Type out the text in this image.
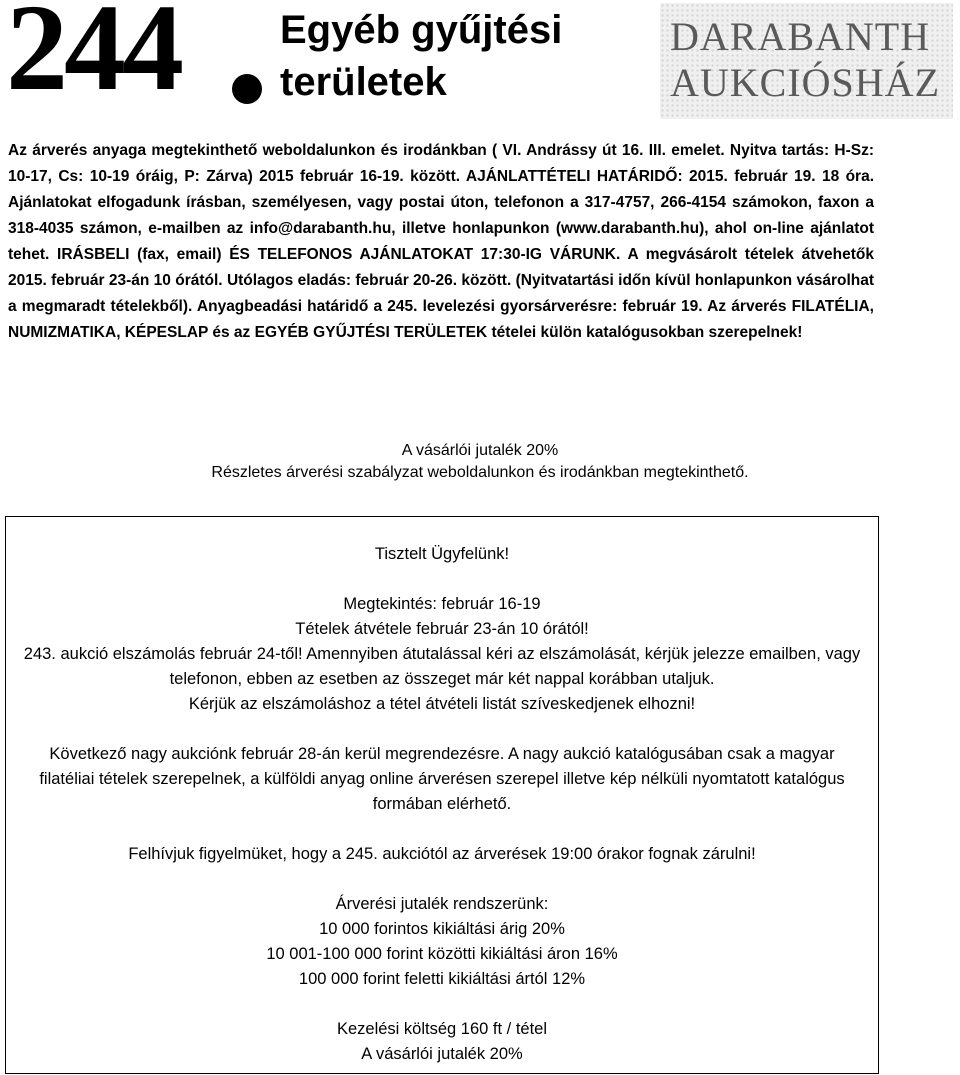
244	Egyéb gyűjtési
területek
DARABANTH
AUKCIÓSHÁZ

Az árverés anyaga megtekinthető weboldalunkon és irodánkban ( VI. Andrássy út 16. III. emelet. Nyitva tartás: H-Sz: 10-17, Cs: 10-19 óráig, P: Zárva) 2015 február 16-19. között. AJÁNLATTÉTELI HATÁRIDŐ: 2015. február 19. 18 óra. Ajánlatokat elfogadunk írásban, személyesen, vagy postai úton, telefonon a 317-4757, 266-4154 számokon, faxon a 318-4035 számon, e-mailben az info@darabanth.hu, illetve honlapunkon (www.darabanth.hu), ahol on-line ajánlatot tehet. IRÁSBELI (fax, email) ÉS TELEFONOS AJÁNLATOKAT 17:30-IG VÁRUNK. A megvásárolt tételek átvehetők 2015. február 23-án 10 órától. Utólagos eladás: február 20-26. között. (Nyitvatartási időn kívül honlapunkon vásárolhat a megmaradt tételekből). Anyagbeadási határidő a 245. levelezési gyorsárverésre: február 19. Az árverés FILATÉLIA, NUMIZMATIKA, KÉPESLAP és az EGYÉB GYŰJTÉSI TERÜLETEK tételei külön katalógusokban szerepelnek!

A vásárlói jutalék 20%
Részletes árverési szabályzat weboldalunkon és irodánkban megtekinthető.
Tisztelt Ügyfelünk!
Megtekintés: február 16-19
Tételek átvétele február 23-án 10 órától!
243. aukció elszámolás február 24-től! Amennyiben átutalással kéri az elszámolását, kérjük jelezze emailben, vagy telefonon, ebben az esetben az összeget már két nappal korábban utaljuk.
Kérjük az elszámoláshoz a tétel átvételi listát szíveskedjenek elhozni!
Következő nagy aukciónk február 28-án kerül megrendezésre. A nagy aukció katalógusában csak a magyar filatéliai tételek szerepelnek, a külföldi anyag online árverésen szerepel illetve kép nélküli nyomtatott katalógus formában elérhető.
Felhívjuk figyelmüket, hogy a 245. aukciótól az árverések 19:00 órakor fognak zárulni!
Árverési jutalék rendszerünk:
10 000 forintos kikiáltási árig 20%
10 001-100 000 forint közötti kikiáltási áron 16%
100 000 forint feletti kikiáltási ártól 12%
Kezelési költség 160 ft / tétel
A vásárlói jutalék 20%
